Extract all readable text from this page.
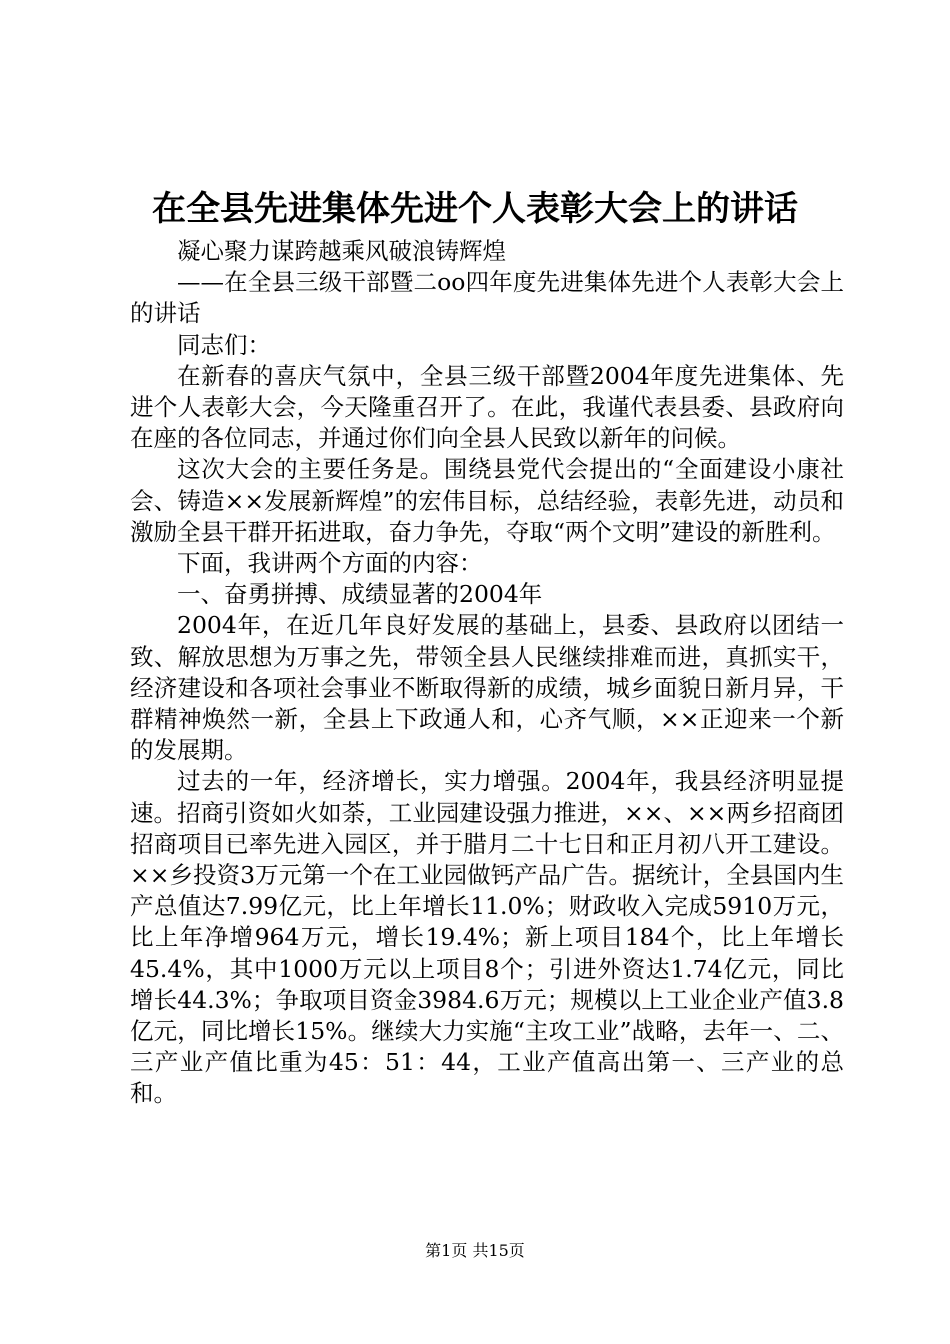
在全县先进集体先进个人表彰大会上的讲话

凝心聚力谋跨越乘风破浪铸辉煌

——在全县三级干部暨二oo四年度先进集体先进个人表彰大会上的讲话

同志们：

在新春的喜庆气氛中，全县三级干部暨2004年度先进集体、先进个人表彰大会，今天隆重召开了。在此，我谨代表县委、县政府向在座的各位同志，并通过你们向全县人民致以新年的问候。

这次大会的主要任务是。围绕县党代会提出的“全面建设小康社会、铸造××发展新辉煌”的宏伟目标，总结经验，表彰先进，动员和激励全县干群开拓进取，奋力争先，夺取“两个文明”建设的新胜利。

下面，我讲两个方面的内容：

一、奋勇拼搏、成绩显著的2004年

2004年，在近几年良好发展的基础上，县委、县政府以团结一致、解放思想为万事之先，带领全县人民继续排难而进，真抓实干，经济建设和各项社会事业不断取得新的成绩，城乡面貌日新月异，干群精神焕然一新，全县上下政通人和，心齐气顺，××正迎来一个新的发展期。

过去的一年，经济增长，实力增强。2004年，我县经济明显提速。招商引资如火如荼，工业园建设强力推进，××、××两乡招商团招商项目已率先进入园区，并于腊月二十七日和正月初八开工建设。××乡投资3万元第一个在工业园做钙产品广告。据统计，全县国内生产总值达7.99亿元，比上年增长11.0%；财政收入完成5910万元，比上年净增964万元，增长19.4%；新上项目184个，比上年增长45.4%，其中1000万元以上项目8个；引进外资达1.74亿元，同比增长44.3%；争取项目资金3984.6万元；规模以上工业企业产值3.8亿元，同比增长15%。继续大力实施“主攻工业”战略，去年一、二、三产业产值比重为45：51：44，工业产值高出第一、三产业的总和。

第1页 共15页
